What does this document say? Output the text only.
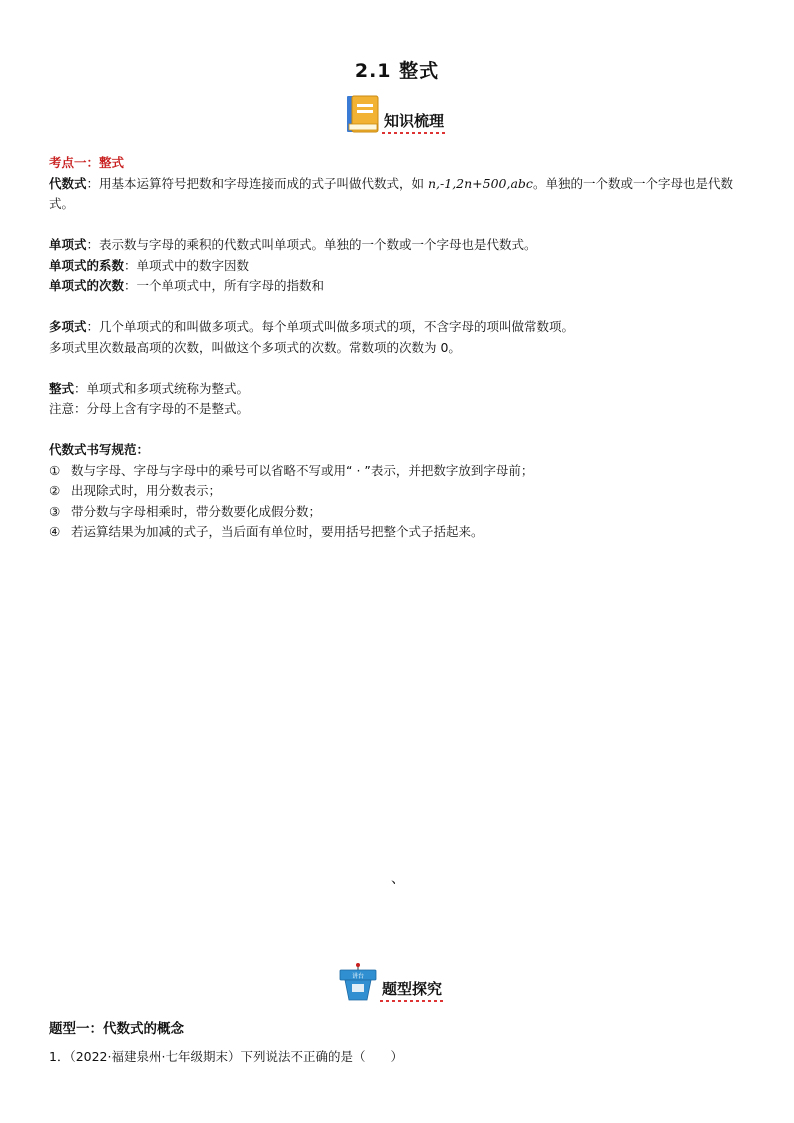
2.1 整式
知识梳理

考点一：整式

代数式：用基本运算符号把数和字母连接而成的式子叫做代数式，如 n,-1,2n+500,abc。单独的一个数或一个字母也是代数式。

单项式：表示数与字母的乘积的代数式叫单项式。单独的一个数或一个字母也是代数式。

单项式的系数：单项式中的数字因数

单项式的次数：一个单项式中，所有字母的指数和

多项式：几个单项式的和叫做多项式。每个单项式叫做多项式的项，不含字母的项叫做常数项。

多项式里次数最高项的次数，叫做这个多项式的次数。常数项的次数为 0。

整式：单项式和多项式统称为整式。

注意：分母上含有字母的不是整式。

代数式书写规范：

① 数与字母、字母与字母中的乘号可以省略不写或用“ · ”表示，并把数字放到字母前；
② 出现除式时，用分数表示；
③ 带分数与字母相乘时，带分数要化成假分数；
④ 若运算结果为加减的式子，当后面有单位时，要用括号把整个式子括起来。
、
讲台
题型探究
题型一：代数式的概念
1．（2022·福建泉州·七年级期末）下列说法不正确的是（　　）
